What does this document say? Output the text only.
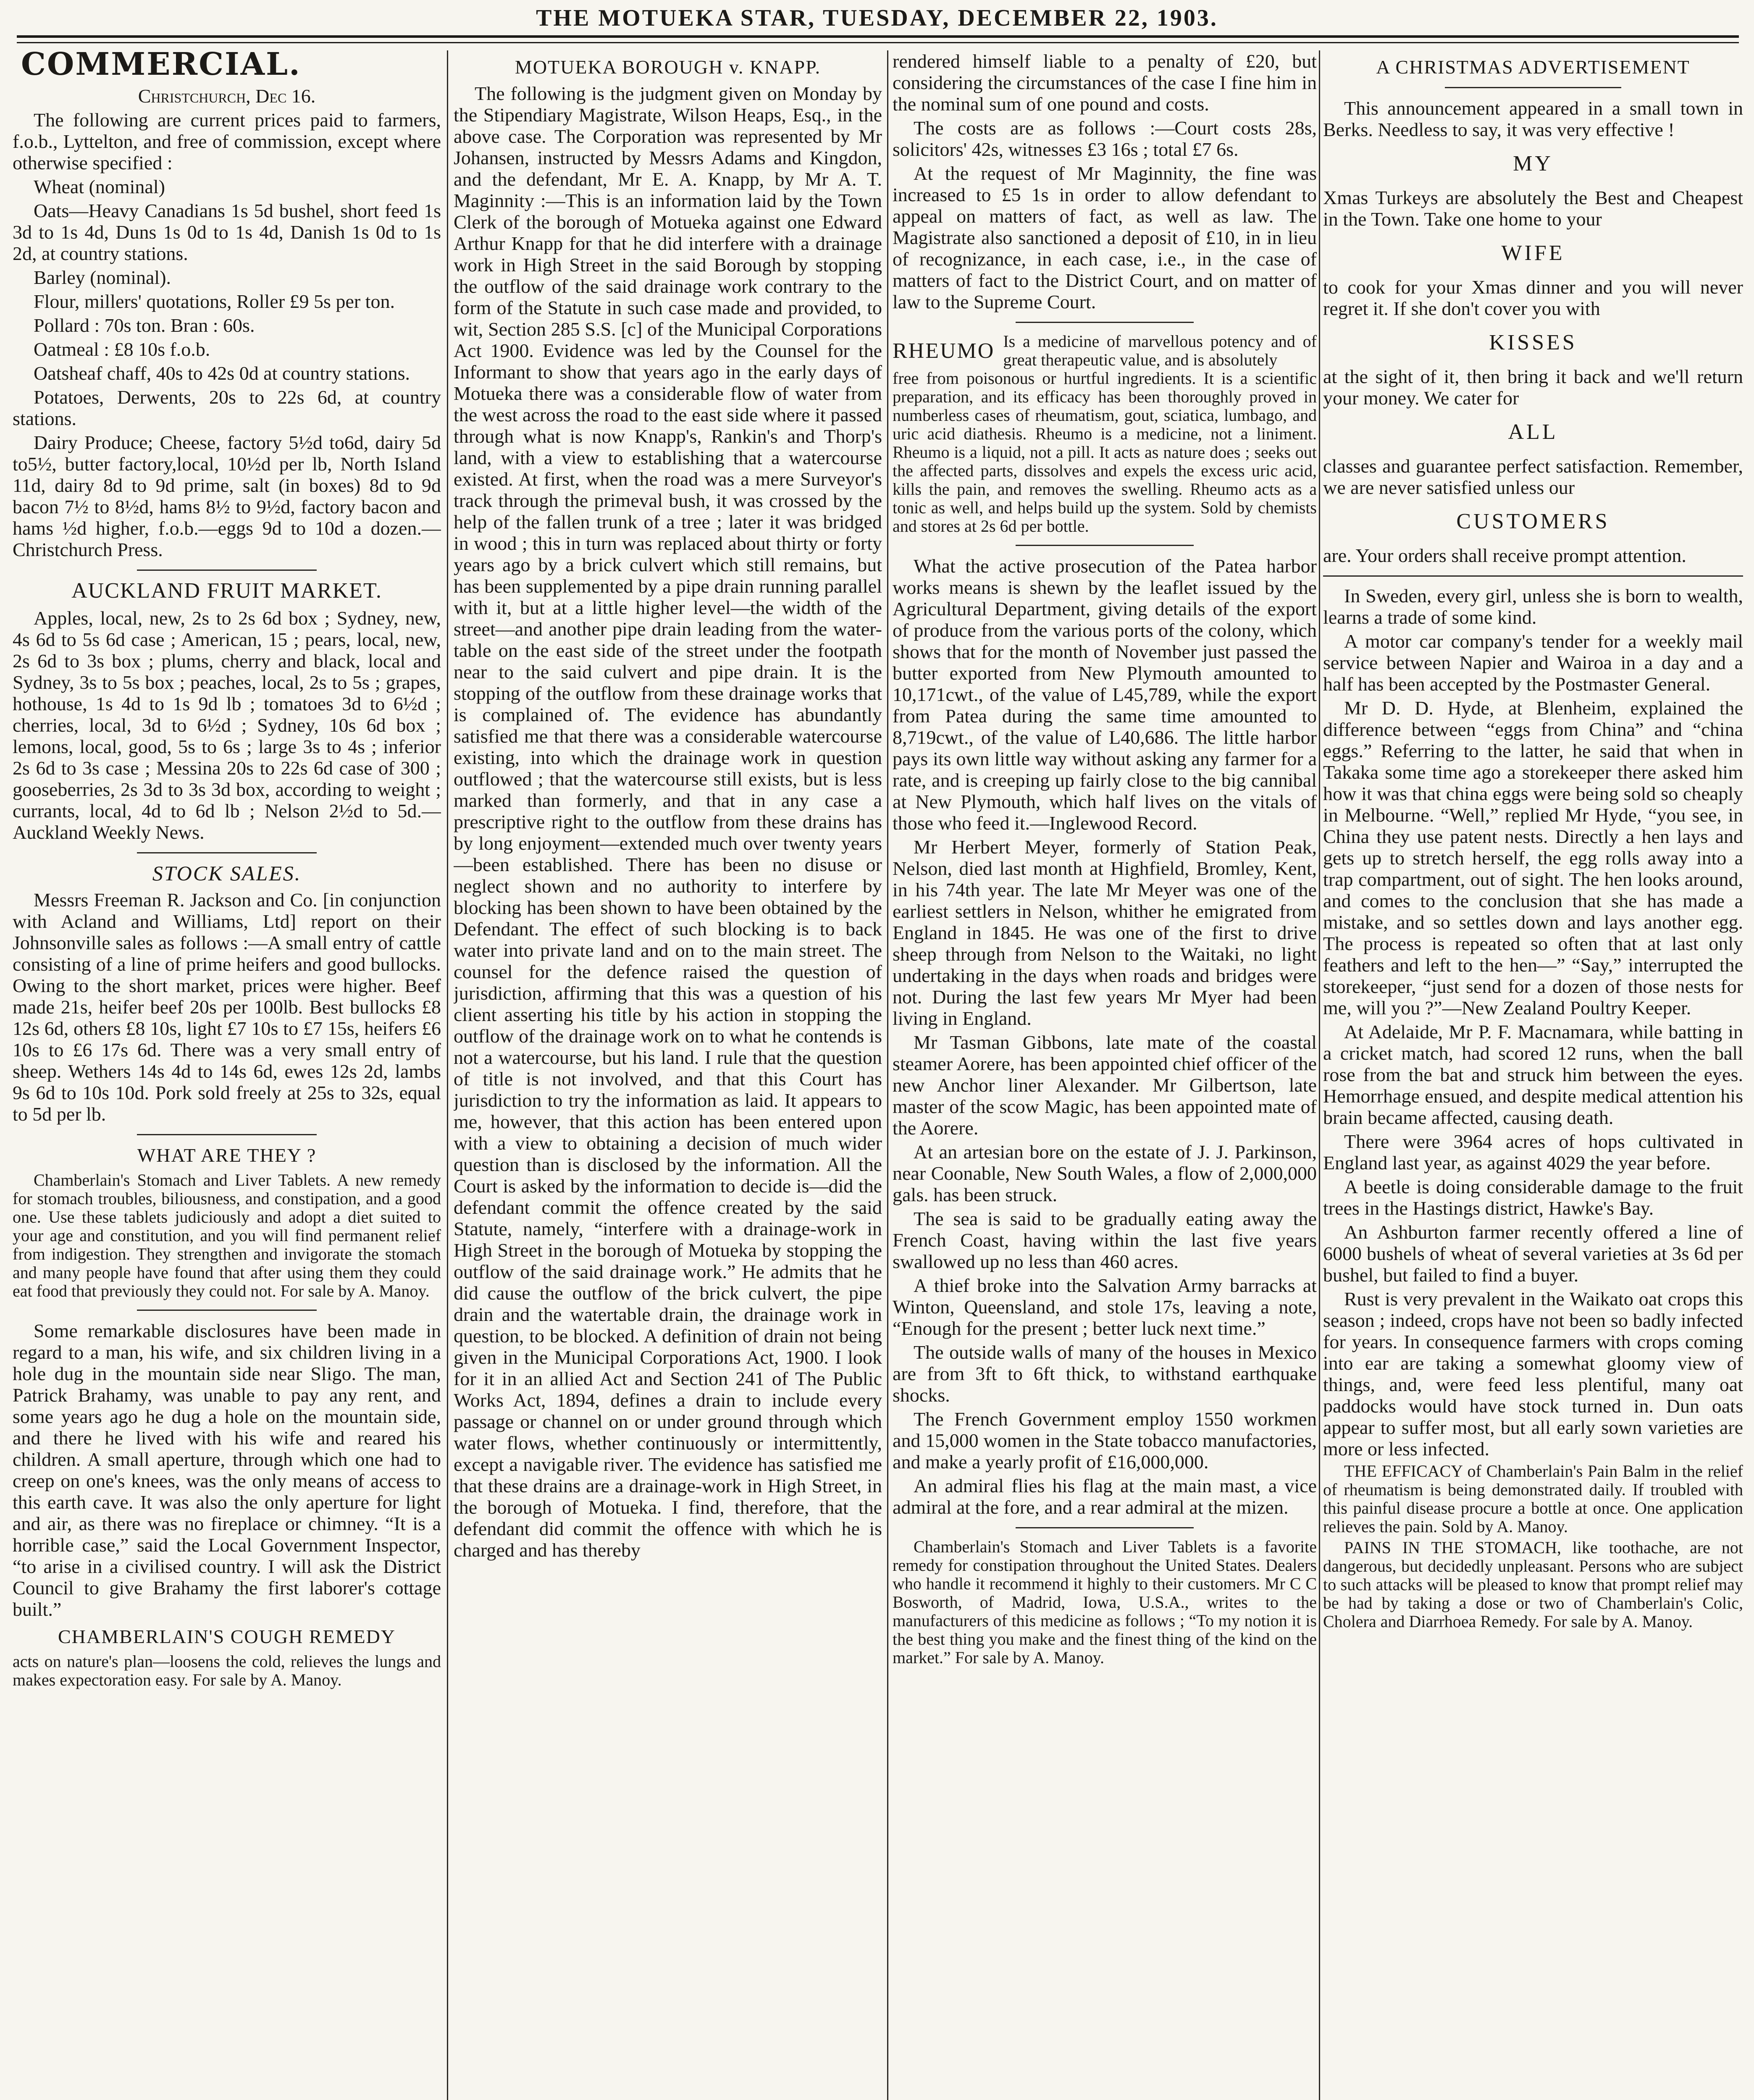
THE MOTUEKA STAR, TUESDAY, DECEMBER 22, 1903.
COMMERCIAL.

Christchurch, Dec 16.

The following are current prices paid to farmers, f.o.b., Lyttelton, and free of commission, except where otherwise specified :

Wheat (nominal)

Oats—Heavy Canadians 1s 5d bushel, short feed 1s 3d to 1s 4d, Duns 1s 0d to 1s 4d, Danish 1s 0d to 1s 2d, at country stations.

Barley (nominal).

Flour, millers' quotations, Roller £9 5s per ton.

Pollard : 70s ton. Bran : 60s.

Oatmeal : £8 10s f.o.b.

Oatsheaf chaff, 40s to 42s 0d at country stations.

Potatoes, Derwents, 20s to 22s 6d, at country stations.

Dairy Produce; Cheese, factory 5½d to6d, dairy 5d to5½, butter factory,local, 10½d per lb, North Island 11d, dairy 8d to 9d prime, salt (in boxes) 8d to 9d bacon 7½ to 8½d, hams 8½ to 9½d, factory bacon and hams ½d higher, f.o.b.—eggs 9d to 10d a dozen.—Christchurch Press.

AUCKLAND FRUIT MARKET.

Apples, local, new, 2s to 2s 6d box ; Sydney, new, 4s 6d to 5s 6d case ; American, 15 ; pears, local, new, 2s 6d to 3s box ; plums, cherry and black, local and Sydney, 3s to 5s box ; peaches, local, 2s to 5s ; grapes, hothouse, 1s 4d to 1s 9d lb ; tomatoes 3d to 6½d ; cherries, local, 3d to 6½d ; Sydney, 10s 6d box ; lemons, local, good, 5s to 6s ; large 3s to 4s ; inferior 2s 6d to 3s case ; Messina 20s to 22s 6d case of 300 ; gooseberries, 2s 3d to 3s 3d box, according to weight ; currants, local, 4d to 6d lb ; Nelson 2½d to 5d.—Auckland Weekly News.

STOCK SALES.

Messrs Freeman R. Jackson and Co. [in conjunction with Acland and Williams, Ltd] report on their Johnsonville sales as follows :—A small entry of cattle consisting of a line of prime heifers and good bullocks. Owing to the short market, prices were higher. Beef made 21s, heifer beef 20s per 100lb. Best bullocks £8 12s 6d, others £8 10s, light £7 10s to £7 15s, heifers £6 10s to £6 17s 6d. There was a very small entry of sheep. Wethers 14s 4d to 14s 6d, ewes 12s 2d, lambs 9s 6d to 10s 10d. Pork sold freely at 25s to 32s, equal to 5d per lb.

WHAT ARE THEY ?

Chamberlain's Stomach and Liver Tablets. A new remedy for stomach troubles, biliousness, and constipation, and a good one. Use these tablets judiciously and adopt a diet suited to your age and constitution, and you will find permanent relief from indigestion. They strengthen and invigorate the stomach and many people have found that after using them they could eat food that previously they could not. For sale by A. Manoy.

Some remarkable disclosures have been made in regard to a man, his wife, and six children living in a hole dug in the mountain side near Sligo. The man, Patrick Brahamy, was unable to pay any rent, and some years ago he dug a hole on the mountain side, and there he lived with his wife and reared his children. A small aperture, through which one had to creep on one's knees, was the only means of access to this earth cave. It was also the only aperture for light and air, as there was no fireplace or chimney. “It is a horrible case,” said the Local Government Inspector, “to arise in a civilised country. I will ask the District Council to give Brahamy the first laborer's cottage built.”

CHAMBERLAIN'S COUGH REMEDY

acts on nature's plan—loosens the cold, relieves the lungs and makes expectoration easy. For sale by A. Manoy.

MOTUEKA BOROUGH v. KNAPP.

The following is the judgment given on Monday by the Stipendiary Magistrate, Wilson Heaps, Esq., in the above case. The Corporation was represented by Mr Johansen, instructed by Messrs Adams and Kingdon, and the defendant, Mr E. A. Knapp, by Mr A. T. Maginnity :—This is an information laid by the Town Clerk of the borough of Motueka against one Edward Arthur Knapp for that he did interfere with a drainage work in High Street in the said Borough by stopping the outflow of the said drainage work contrary to the form of the Statute in such case made and provided, to wit, Section 285 S.S. [c] of the Municipal Corporations Act 1900. Evidence was led by the Counsel for the Informant to show that years ago in the early days of Motueka there was a considerable flow of water from the west across the road to the east side where it passed through what is now Knapp's, Rankin's and Thorp's land, with a view to establishing that a watercourse existed. At first, when the road was a mere Surveyor's track through the primeval bush, it was crossed by the help of the fallen trunk of a tree ; later it was bridged in wood ; this in turn was replaced about thirty or forty years ago by a brick culvert which still remains, but has been supplemented by a pipe drain running parallel with it, but at a little higher level—the width of the street—and another pipe drain leading from the water-table on the east side of the street under the footpath near to the said culvert and pipe drain. It is the stopping of the outflow from these drainage works that is complained of. The evidence has abundantly satisfied me that there was a considerable watercourse existing, into which the drainage work in question outflowed ; that the watercourse still exists, but is less marked than formerly, and that in any case a prescriptive right to the outflow from these drains has by long enjoyment—extended much over twenty years—been established. There has been no disuse or neglect shown and no authority to interfere by blocking has been shown to have been obtained by the Defendant. The effect of such blocking is to back water into private land and on to the main street. The counsel for the defence raised the question of jurisdiction, affirming that this was a question of his client asserting his title by his action in stopping the outflow of the drainage work on to what he contends is not a watercourse, but his land. I rule that the question of title is not involved, and that this Court has jurisdiction to try the information as laid. It appears to me, however, that this action has been entered upon with a view to obtaining a decision of much wider question than is disclosed by the information. All the Court is asked by the information to decide is—did the defendant commit the offence created by the said Statute, namely, “interfere with a drainage-work in High Street in the borough of Motueka by stopping the outflow of the said drainage work.” He admits that he did cause the outflow of the brick culvert, the pipe drain and the watertable drain, the drainage work in question, to be blocked. A definition of drain not being given in the Municipal Corporations Act, 1900. I look for it in an allied Act and Section 241 of The Public Works Act, 1894, defines a drain to include every passage or channel on or under ground through which water flows, whether continuously or intermittently, except a navigable river. The evidence has satisfied me that these drains are a drainage-work in High Street, in the borough of Motueka. I find, therefore, that the defendant did commit the offence with which he is charged and has thereby

rendered himself liable to a penalty of £20, but considering the circumstances of the case I fine him in the nominal sum of one pound and costs.

The costs are as follows :—Court costs 28s, solicitors' 42s, witnesses £3 16s ; total £7 6s.

At the request of Mr Maginnity, the fine was increased to £5 1s in order to allow defendant to appeal on matters of fact, as well as law. The Magistrate also sanctioned a deposit of £10, in in lieu of recognizance, in each case, i.e., in the case of matters of fact to the District Court, and on matter of law to the Supreme Court.

RHEUMO Is a medicine of marvellous potency and of great therapeutic value, and is absolutely

free from poisonous or hurtful ingredients. It is a scientific preparation, and its efficacy has been thoroughly proved in numberless cases of rheumatism, gout, sciatica, lumbago, and uric acid diathesis. Rheumo is a medicine, not a liniment. Rheumo is a liquid, not a pill. It acts as nature does ; seeks out the affected parts, dissolves and expels the excess uric acid, kills the pain, and removes the swelling. Rheumo acts as a tonic as well, and helps build up the system. Sold by chemists and stores at 2s 6d per bottle.

What the active prosecution of the Patea harbor works means is shewn by the leaflet issued by the Agricultural Department, giving details of the export of produce from the various ports of the colony, which shows that for the month of November just passed the butter exported from New Plymouth amounted to 10,171cwt., of the value of L45,789, while the export from Patea during the same time amounted to 8,719cwt., of the value of L40,686. The little harbor pays its own little way without asking any farmer for a rate, and is creeping up fairly close to the big cannibal at New Plymouth, which half lives on the vitals of those who feed it.—Inglewood Record.

Mr Herbert Meyer, formerly of Station Peak, Nelson, died last month at Highfield, Bromley, Kent, in his 74th year. The late Mr Meyer was one of the earliest settlers in Nelson, whither he emigrated from England in 1845. He was one of the first to drive sheep through from Nelson to the Waitaki, no light undertaking in the days when roads and bridges were not. During the last few years Mr Myer had been living in England.

Mr Tasman Gibbons, late mate of the coastal steamer Aorere, has been appointed chief officer of the new Anchor liner Alexander. Mr Gilbertson, late master of the scow Magic, has been appointed mate of the Aorere.

At an artesian bore on the estate of J. J. Parkinson, near Coonable, New South Wales, a flow of 2,000,000 gals. has been struck.

The sea is said to be gradually eating away the French Coast, having within the last five years swallowed up no less than 460 acres.

A thief broke into the Salvation Army barracks at Winton, Queensland, and stole 17s, leaving a note, “Enough for the present ; better luck next time.”

The outside walls of many of the houses in Mexico are from 3ft to 6ft thick, to withstand earthquake shocks.

The French Government employ 1550 workmen and 15,000 women in the State tobacco manufactories, and make a yearly profit of £16,000,000.

An admiral flies his flag at the main mast, a vice admiral at the fore, and a rear admiral at the mizen.

Chamberlain's Stomach and Liver Tablets is a favorite remedy for constipation throughout the United States. Dealers who handle it recommend it highly to their customers. Mr C C Bosworth, of Madrid, Iowa, U.S.A., writes to the manufacturers of this medicine as follows ; “To my notion it is the best thing you make and the finest thing of the kind on the market.” For sale by A. Manoy.

A CHRISTMAS ADVERTISEMENT

This announcement appeared in a small town in Berks. Needless to say, it was very effective !

MY

Xmas Turkeys are absolutely the Best and Cheapest in the Town. Take one home to your

WIFE

to cook for your Xmas dinner and you will never regret it. If she don't cover you with

KISSES

at the sight of it, then bring it back and we'll return your money. We cater for

ALL

classes and guarantee perfect satisfaction. Remember, we are never satisfied unless our

CUSTOMERS

are. Your orders shall receive prompt attention.

In Sweden, every girl, unless she is born to wealth, learns a trade of some kind.

A motor car company's tender for a weekly mail service between Napier and Wairoa in a day and a half has been accepted by the Postmaster General.

Mr D. D. Hyde, at Blenheim, explained the difference between “eggs from China” and “china eggs.” Referring to the latter, he said that when in Takaka some time ago a storekeeper there asked him how it was that china eggs were being sold so cheaply in Melbourne. “Well,” replied Mr Hyde, “you see, in China they use patent nests. Directly a hen lays and gets up to stretch herself, the egg rolls away into a trap compartment, out of sight. The hen looks around, and comes to the conclusion that she has made a mistake, and so settles down and lays another egg. The process is repeated so often that at last only feathers and left to the hen—” “Say,” interrupted the storekeeper, “just send for a dozen of those nests for me, will you ?”—New Zealand Poultry Keeper.

At Adelaide, Mr P. F. Macnamara, while batting in a cricket match, had scored 12 runs, when the ball rose from the bat and struck him between the eyes. Hemorrhage ensued, and despite medical attention his brain became affected, causing death.

There were 3964 acres of hops cultivated in England last year, as against 4029 the year before.

A beetle is doing considerable damage to the fruit trees in the Hastings district, Hawke's Bay.

An Ashburton farmer recently offered a line of 6000 bushels of wheat of several varieties at 3s 6d per bushel, but failed to find a buyer.

Rust is very prevalent in the Waikato oat crops this season ; indeed, crops have not been so badly infected for years. In consequence farmers with crops coming into ear are taking a somewhat gloomy view of things, and, were feed less plentiful, many oat paddocks would have stock turned in. Dun oats appear to suffer most, but all early sown varieties are more or less infected.

THE EFFICACY of Chamberlain's Pain Balm in the relief of rheumatism is being demonstrated daily. If troubled with this painful disease procure a bottle at once. One application relieves the pain. Sold by A. Manoy.

PAINS IN THE STOMACH, like toothache, are not dangerous, but decidedly unpleasant. Persons who are subject to such attacks will be pleased to know that prompt relief may be had by taking a dose or two of Chamberlain's Colic, Cholera and Diarrhoea Remedy. For sale by A. Manoy.
